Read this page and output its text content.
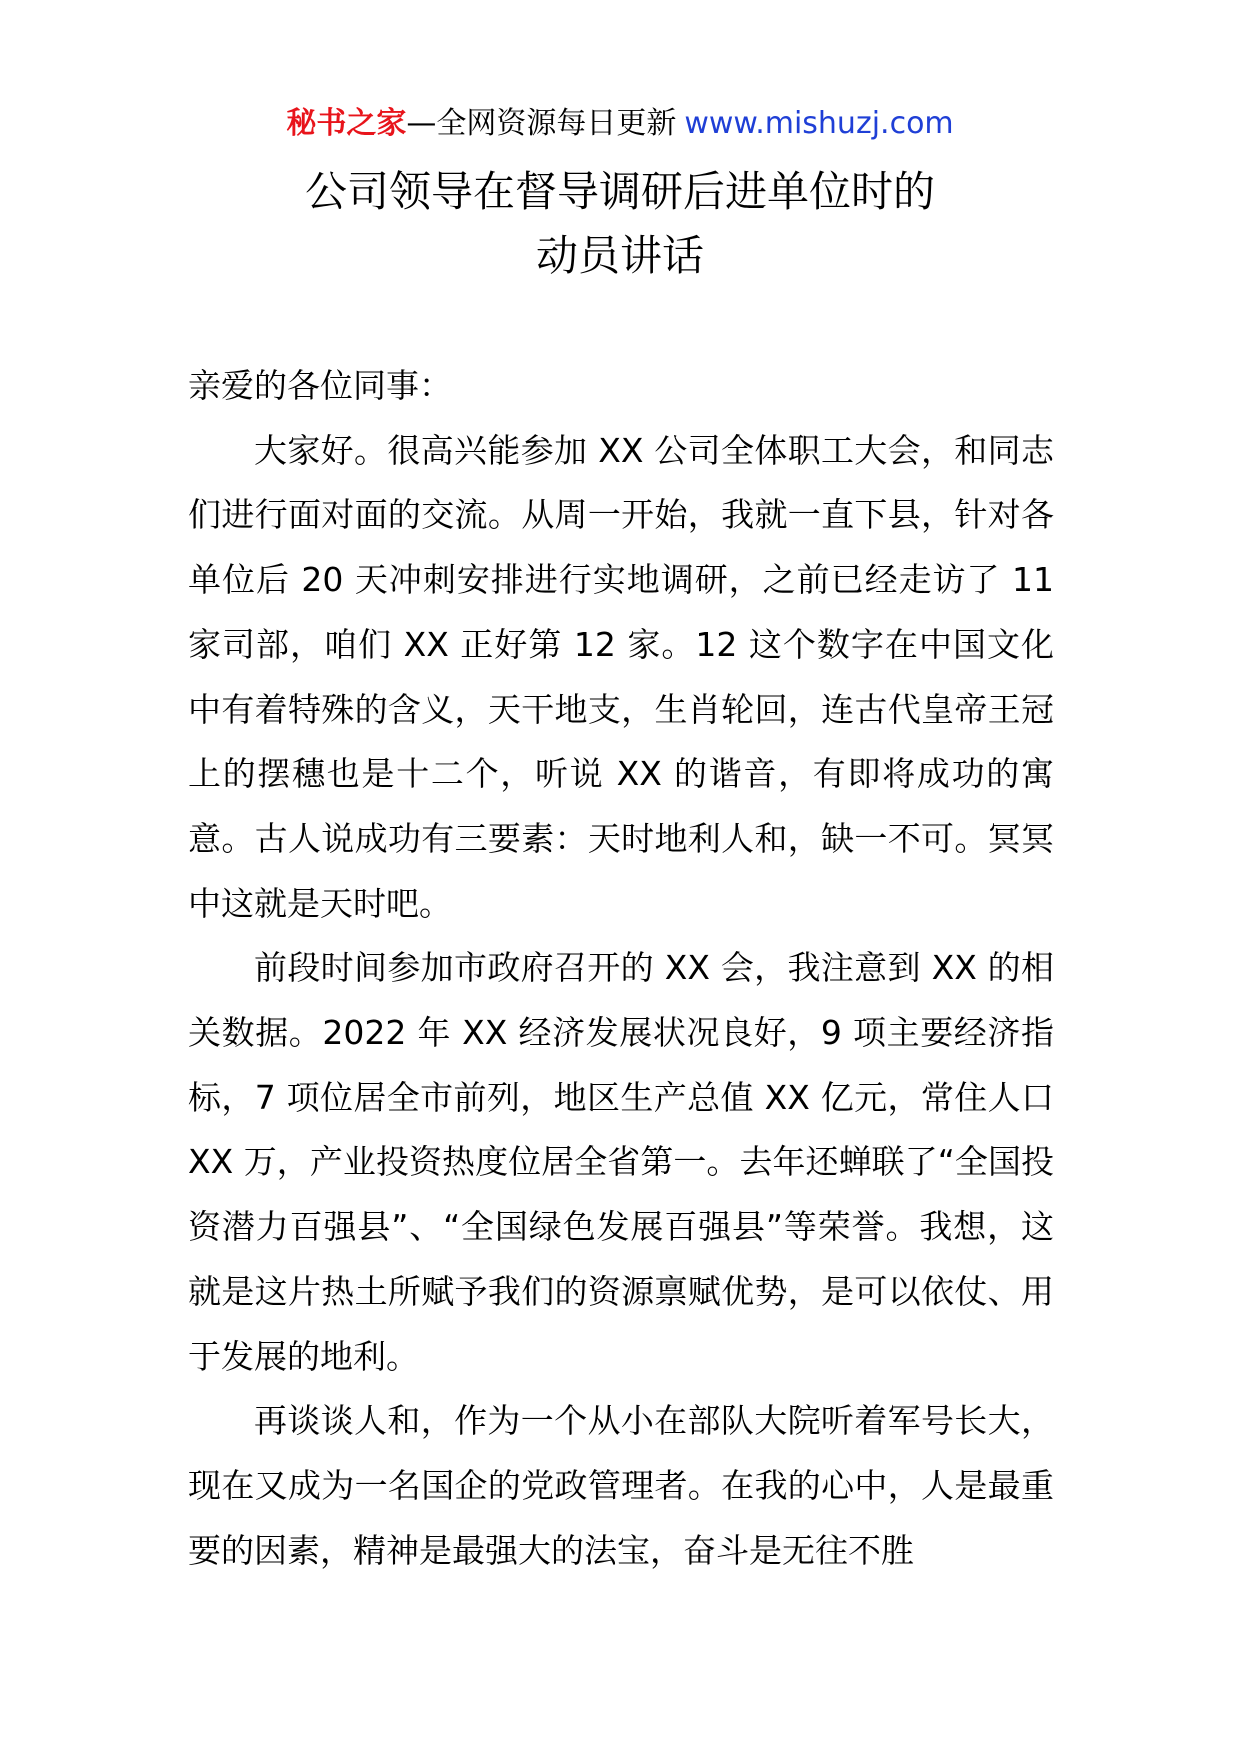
秘书之家—全网资源每日更新 www.mishuzj.com
公司领导在督导调研后进单位时的
动员讲话

亲爱的各位同事：

大家好。很高兴能参加 XX 公司全体职工大会，和同志们进行面对面的交流。从周一开始，我就一直下县，针对各单位后 20 天冲刺安排进行实地调研，之前已经走访了 11 家司部，咱们 XX 正好第 12 家。12 这个数字在中国文化中有着特殊的含义，天干地支，生肖轮回，连古代皇帝王冠上的摆穗也是十二个，听说 XX 的谐音，有即将成功的寓意。古人说成功有三要素：天时地利人和，缺一不可。冥冥中这就是天时吧。

前段时间参加市政府召开的 XX 会，我注意到 XX 的相关数据。2022 年 XX 经济发展状况良好，9 项主要经济指标，7 项位居全市前列，地区生产总值 XX 亿元，常住人口 XX 万，产业投资热度位居全省第一。去年还蝉联了“全国投资潜力百强县”、“全国绿色发展百强县”等荣誉。我想，这就是这片热土所赋予我们的资源禀赋优势，是可以依仗、用于发展的地利。

再谈谈人和，作为一个从小在部队大院听着军号长大，现在又成为一名国企的党政管理者。在我的心中，人是最重要的因素，精神是最强大的法宝，奋斗是无往不胜
